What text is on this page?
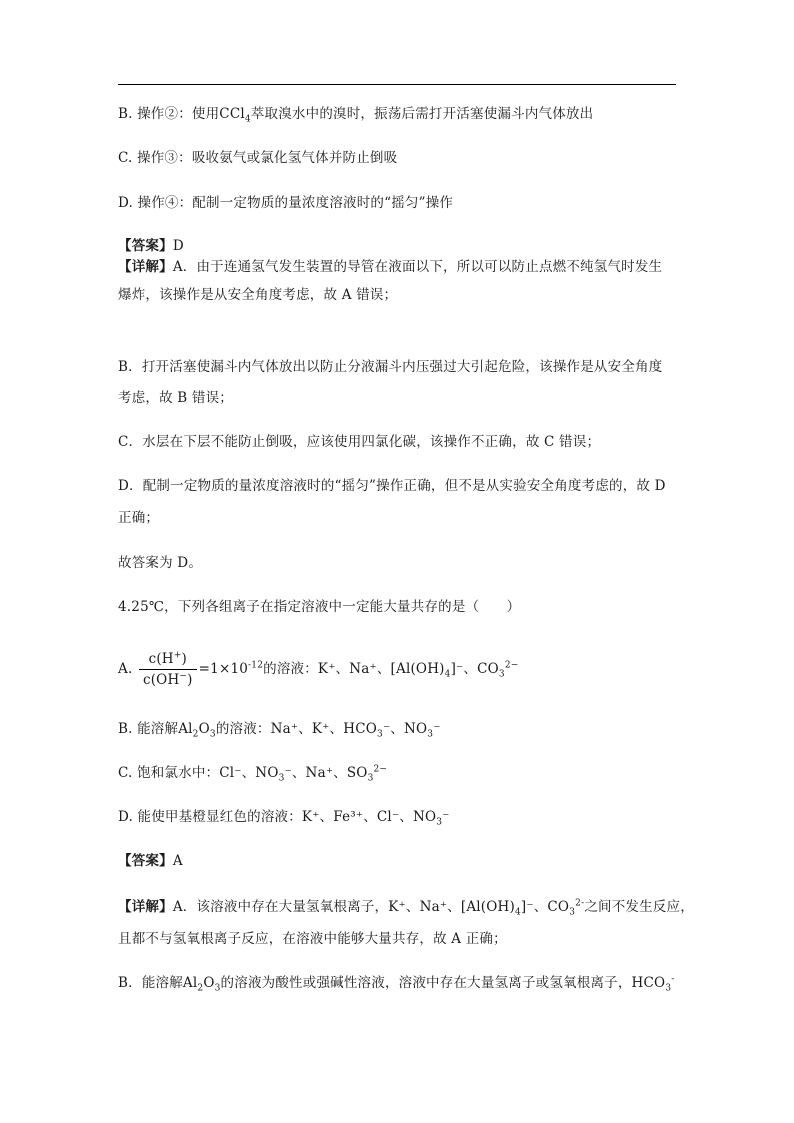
B. 操作②：使用CCl$_4$萃取溴水中的溴时，振荡后需打开活塞使漏斗内气体放出
C. 操作③：吸收氨气或氯化氢气体并防止倒吸
D. 操作④：配制一定物质的量浓度溶液时的“摇匀”操作
【答案】D
【详解】A．由于连通氢气发生装置的导管在液面以下，所以可以防止点燃不纯氢气时发生
爆炸，该操作是从安全角度考虑，故 A 错误；
B．打开活塞使漏斗内气体放出以防止分液漏斗内压强过大引起危险，该操作是从安全角度
考虑，故 B 错误；
C．水层在下层不能防止倒吸，应该使用四氯化碳，该操作不正确，故 C 错误；
D．配制一定物质的量浓度溶液时的“摇匀”操作正确，但不是从实验安全角度考虑的，故 D
正确；
故答案为 D。
4.25℃，下列各组离子在指定溶液中一定能大量共存的是（　　）
A. $\frac{c(H^+)}{c(OH^-)} =1\times 10^{-12}$的溶液：K⁺、Na⁺、$[Al(OH)_4]^-$、$CO_3^{2-}$
B. 能溶解$Al_2O_3$的溶液：Na⁺、K⁺、$HCO_3^-$、$NO_3^-$
C. 饱和氯水中：Cl⁻、$NO_3^-$、Na⁺、$SO_3^{2-}$
D. 能使甲基橙显红色的溶液：K⁺、Fe³⁺、Cl⁻、$NO_3^-$
【答案】A
【详解】A．该溶液中存在大量氢氧根离子，K⁺、Na⁺、$[Al(OH)_4]^-$、$CO_3^{2-}$之间不发生反应，
且都不与氢氧根离子反应，在溶液中能够大量共存，故 A 正确；
B．能溶解$Al_2O_3$的溶液为酸性或强碱性溶液，溶液中存在大量氢离子或氢氧根离子，$HCO_3^-$
